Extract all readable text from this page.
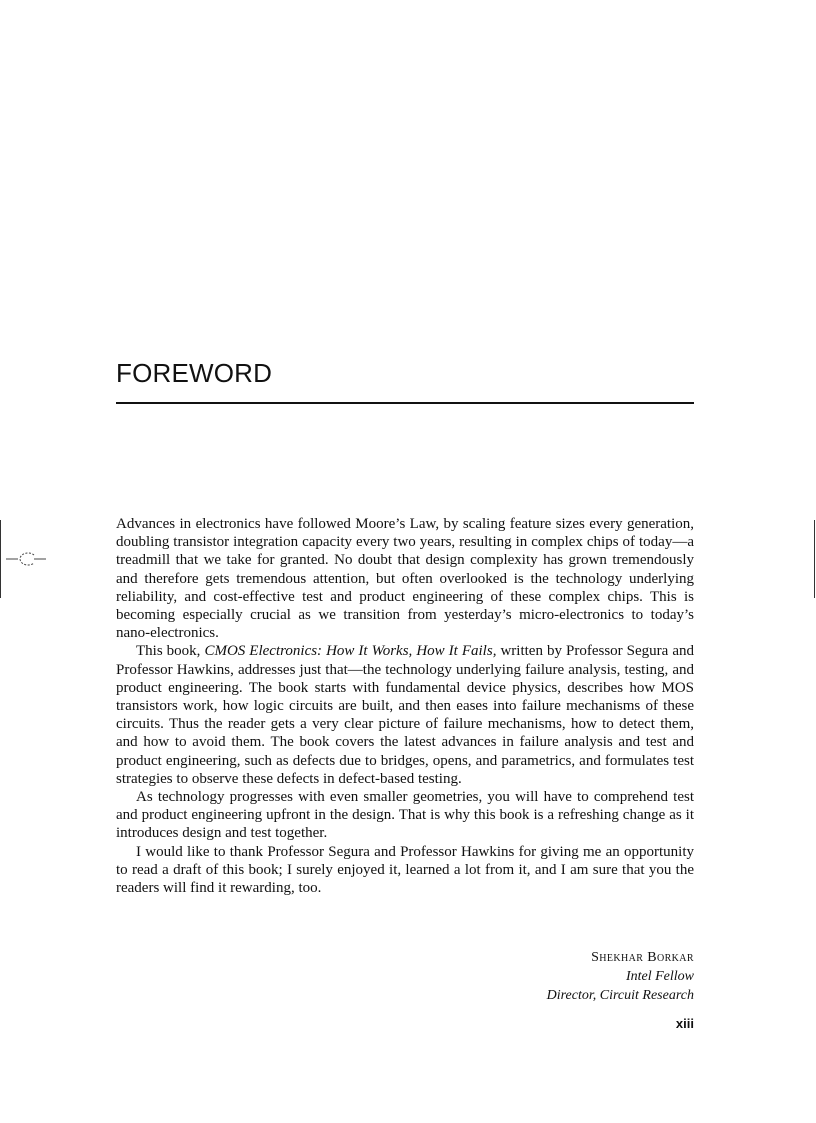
FOREWORD

Advances in electronics have followed Moore’s Law, by scaling feature sizes every generation, doubling transistor integration capacity every two years, resulting in complex chips of today—a treadmill that we take for granted. No doubt that design complexity has grown tremendously and therefore gets tremendous attention, but often overlooked is the technology underlying reliability, and cost-effective test and product engineering of these complex chips. This is becoming especially crucial as we transition from yesterday’s micro-electronics to today’s nano-electronics.

This book, CMOS Electronics: How It Works, How It Fails, written by Professor Segura and Professor Hawkins, addresses just that—the technology underlying failure analysis, testing, and product engineering. The book starts with fundamental device physics, describes how MOS transistors work, how logic circuits are built, and then eases into failure mechanisms of these circuits. Thus the reader gets a very clear picture of failure mechanisms, how to detect them, and how to avoid them. The book covers the latest advances in failure analysis and test and product engineering, such as defects due to bridges, opens, and parametrics, and formulates test strategies to observe these defects in defect-based testing.

As technology progresses with even smaller geometries, you will have to comprehend test and product engineering upfront in the design. That is why this book is a refreshing change as it introduces design and test together.

I would like to thank Professor Segura and Professor Hawkins for giving me an opportunity to read a draft of this book; I surely enjoyed it, learned a lot from it, and I am sure that you the readers will find it rewarding, too.

Shekhar Borkar
Intel Fellow
Director, Circuit Research
xiii
